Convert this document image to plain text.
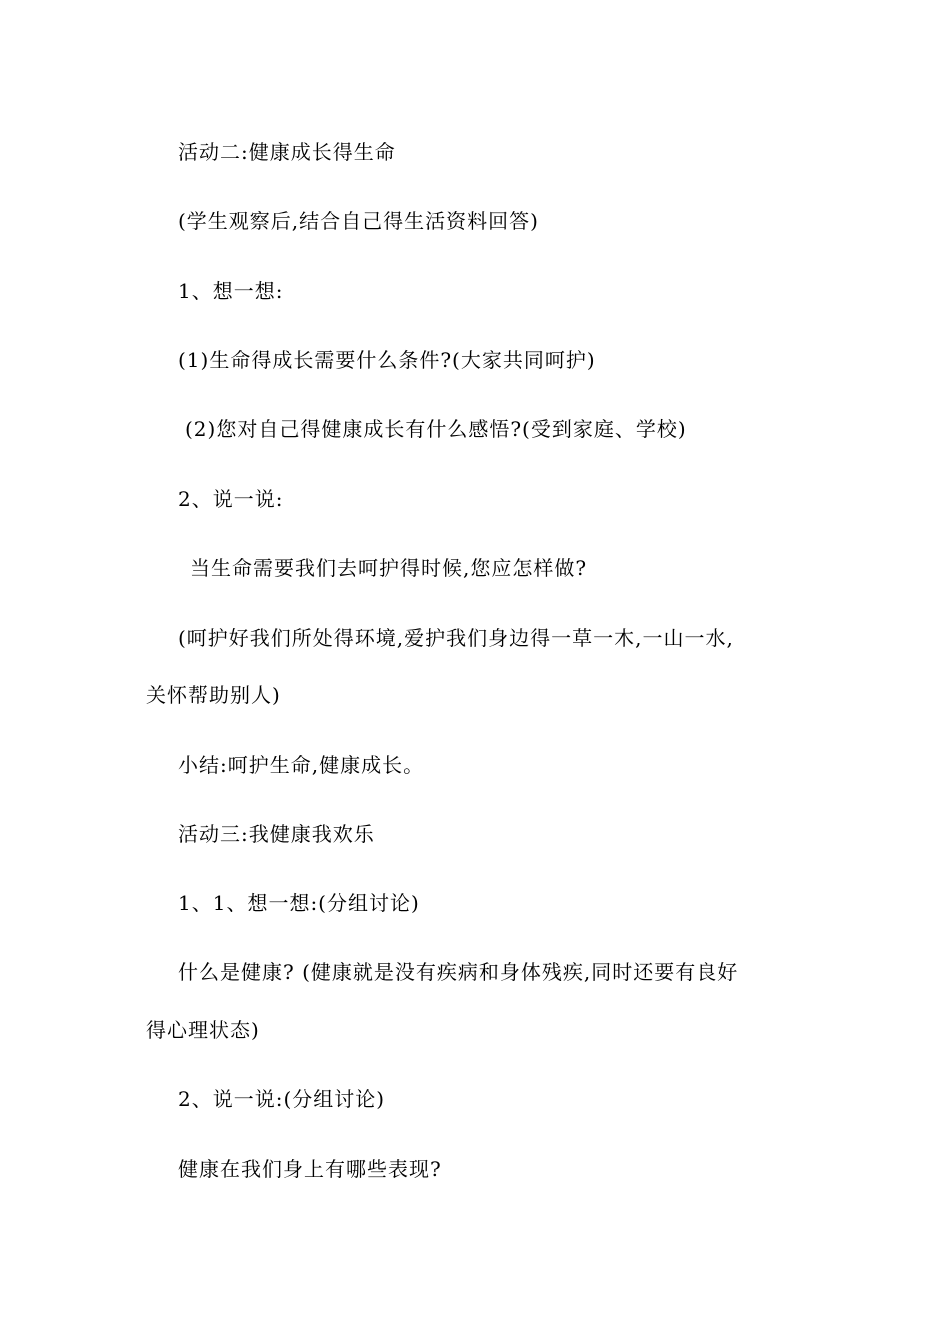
活动二:健康成长得生命
(学生观察后,结合自己得生活资料回答)
1、想一想:
(1)生命得成长需要什么条件?(大家共同呵护)
(2)您对自己得健康成长有什么感悟?(受到家庭、学校)
2、说一说:
当生命需要我们去呵护得时候,您应怎样做?
(呵护好我们所处得环境,爱护我们身边得一草一木,一山一水,
关怀帮助别人)
小结:呵护生命,健康成长。
活动三:我健康我欢乐
1、1、想一想:(分组讨论)
什么是健康? (健康就是没有疾病和身体残疾,同时还要有良好
得心理状态)
2、说一说:(分组讨论)
健康在我们身上有哪些表现?
